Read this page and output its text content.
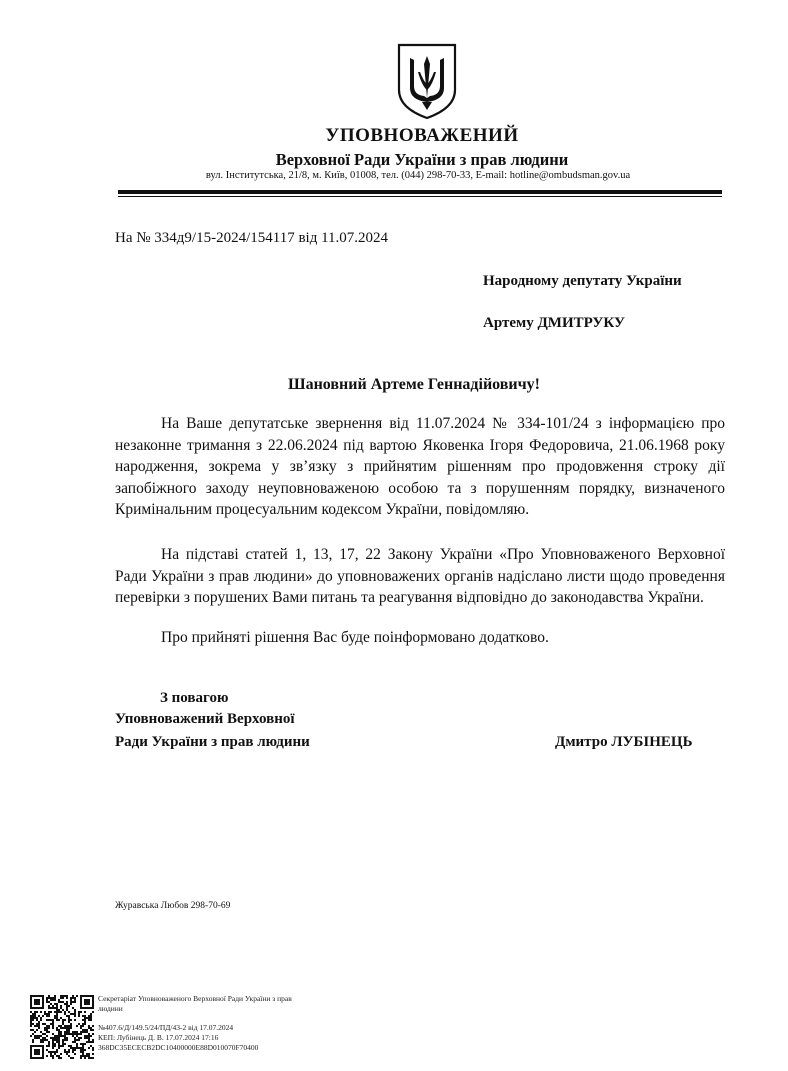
УПОВНОВАЖЕНИЙ
Верховної Ради України з прав людини
вул. Інститутська, 21/8, м. Київ, 01008, тел. (044) 298-70-33, E-mail: hotline@ombudsman.gov.ua
На № 334д9/15-2024/154117 від 11.07.2024
Народному депутату України
Артему ДМИТРУКУ
Шановний Артеме Геннадійовичу!
На Ваше депутатське звернення від 11.07.2024 № 334-101/24 з інформацією про незаконне тримання з 22.06.2024 під вартою Яковенка Ігоря Федоровича, 21.06.1968 року народження, зокрема у зв’язку з прийнятим рішенням про продовження строку дії запобіжного заходу неуповноваженою особою та з порушенням порядку, визначеного Кримінальним процесуальним кодексом України, повідомляю.
На підставі статей 1, 13, 17, 22 Закону України «Про Уповноваженого Верховної Ради України з прав людини» до уповноважених органів надіслано листи щодо проведення перевірки з порушених Вами питань та реагування відповідно до законодавства України.
Про прийняті рішення Вас буде поінформовано додатково.
З повагою
Уповноважений Верховної
Ради України з прав людини	Дмитро ЛУБІНЕЦЬ
Журавська Любов 298-70-69
Секретаріат Уповноваженого Верховної Ради України з прав
людини
№407.6/Д/149.5/24/ПД/43-2 від 17.07.2024
КЕП: Лубінець Д. В. 17.07.2024 17:16
368DC35ECECB2DC10400000E88D010070F70400
